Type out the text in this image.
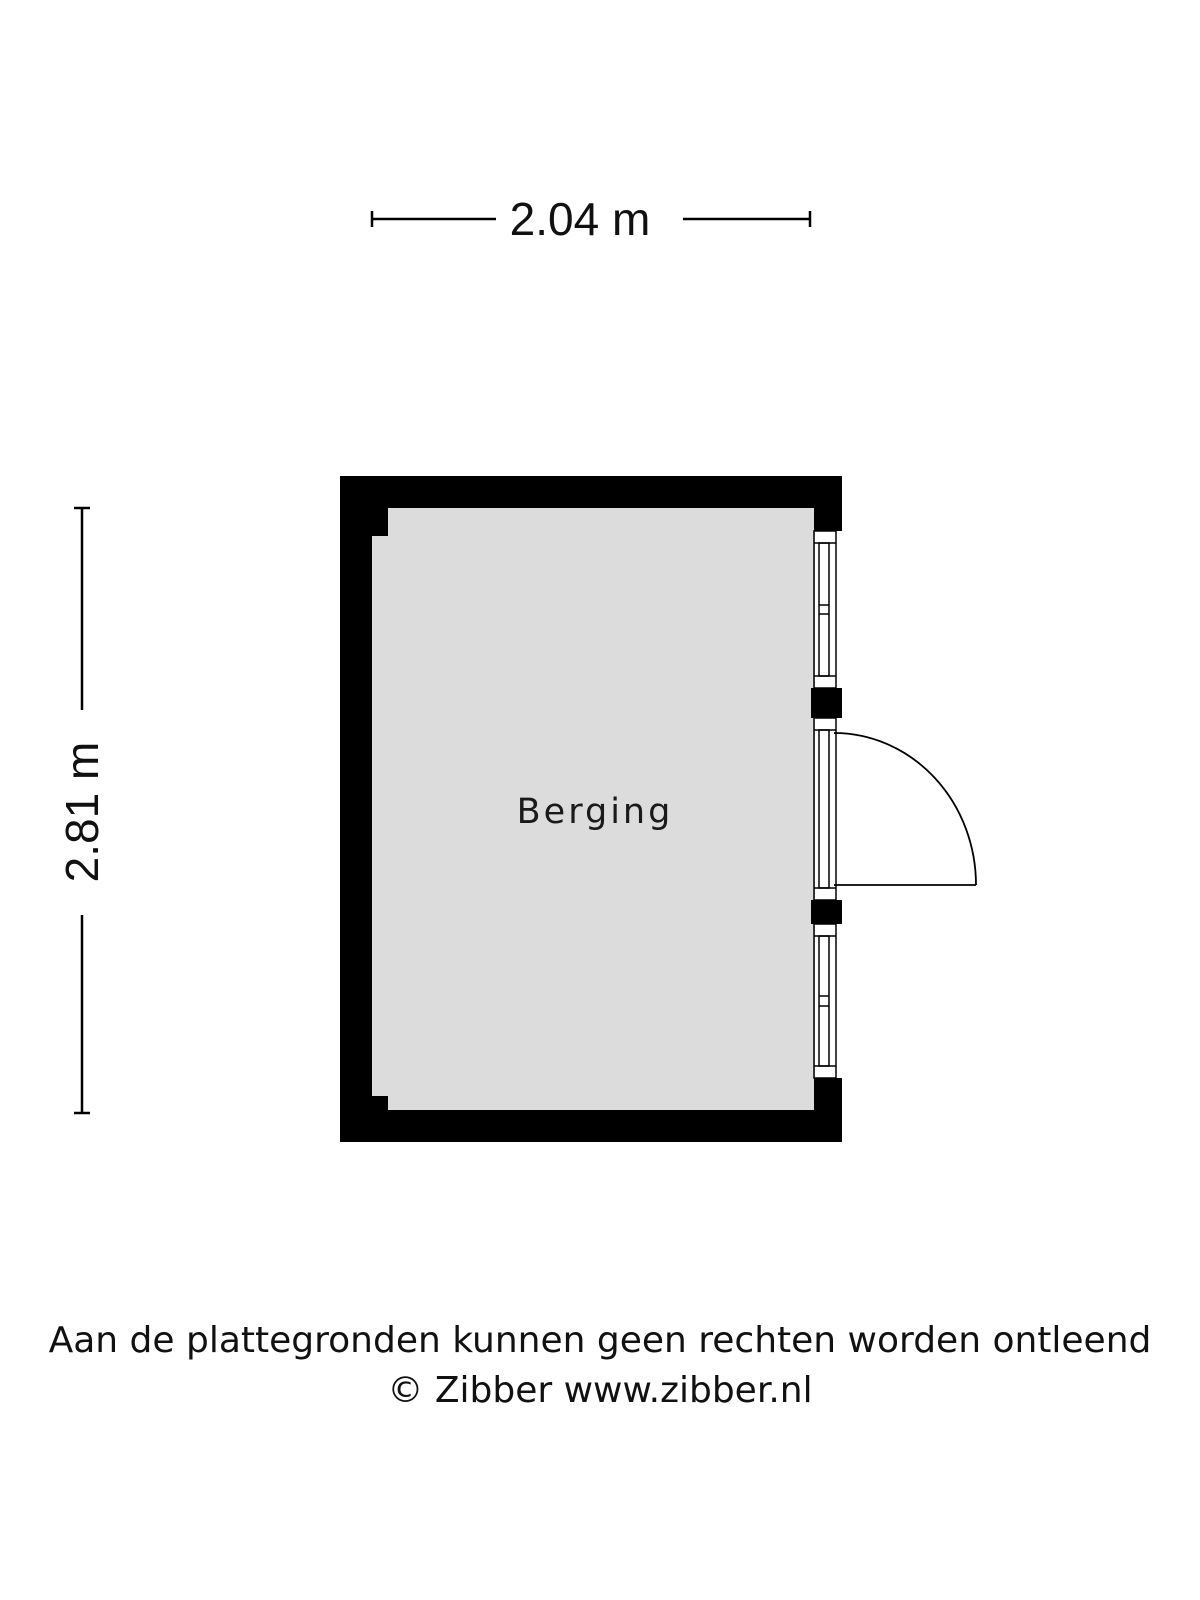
2.04 m
2.81 m	Berging
Aan de plattegronden kunnen geen rechten worden ontleend
© Zibber www.zibber.nl
